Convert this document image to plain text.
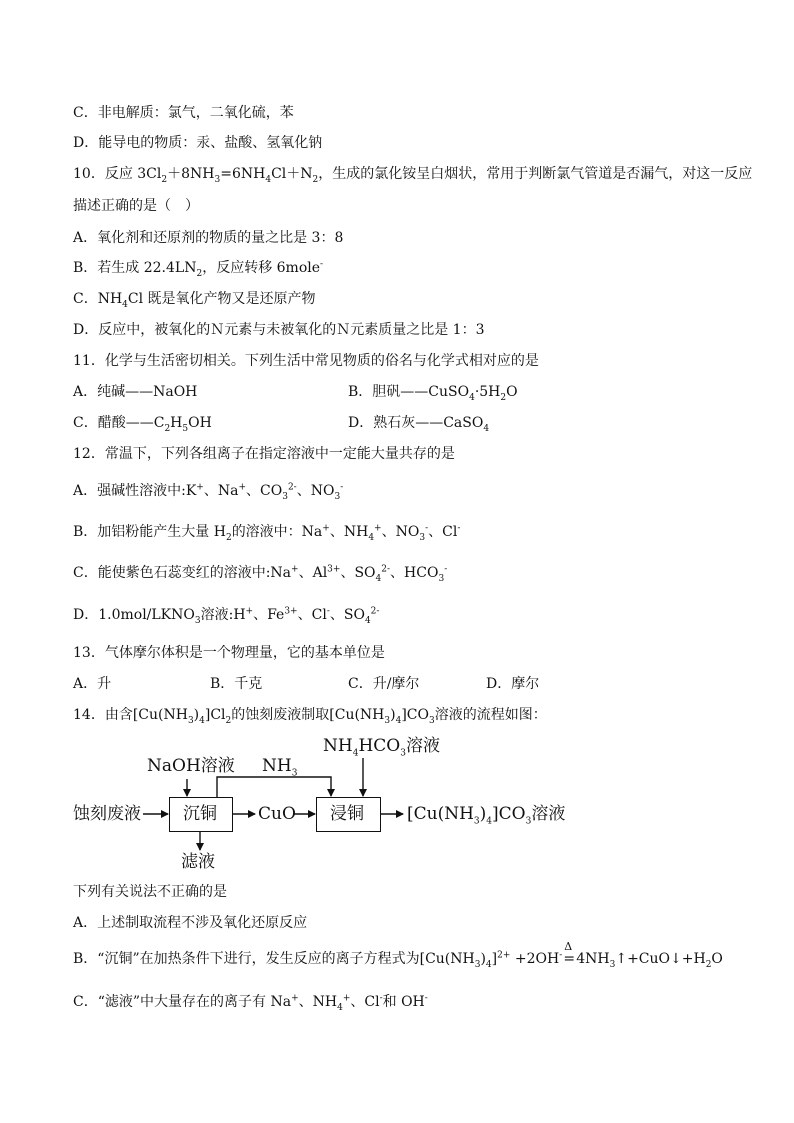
C．非电解质：氯气，二氧化硫，苯
D．能导电的物质：汞、盐酸、氢氧化钠
10．反应 $3Cl_2+8NH_3=6NH_4Cl+N_2$，生成的氯化铵呈白烟状，常用于判断氯气管道是否漏气，对这一反应
描述正确的是（　）
A．氧化剂和还原剂的物质的量之比是 3：8
B．若生成 $22.4LN_2$，反应转移 6mole-
C．$NH_4Cl$ 既是氧化产物又是还原产物
D．反应中，被氧化的Ｎ元素与未被氧化的Ｎ元素质量之比是 1：3
11．化学与生活密切相关。下列生活中常见物质的俗名与化学式相对应的是
A．纯碱——NaOH	B．胆矾$——CuSO_4\cdot 5H_2O$
C．醋酸$——C_2H_5OH$	D．熟石灰——CaSO$_4$
12．常温下，下列各组离子在指定溶液中一定能大量共存的是
A．强碱性溶液中:K+、Na+、$CO_3^{2-}$、$NO_3^-$
B．加铝粉能产生大量 $H_2$的溶液中：Na+、$NH_4^+$、$NO_3^-$、Cl-
C．能使紫色石蕊变红的溶液中:Na+、$Al^{3+}$、$SO_4^{2-}$、$HCO_3^-$
D．$1.0mol/LKNO_3$溶液:H+、$Fe^{3+}$、Cl-、$SO_4^{2-}$
13．气体摩尔体积是一个物理量，它的基本单位是
A．升	B．千克	C．升/摩尔	D．摩尔
14．由含$[Cu(NH_3)_4]Cl_2$的蚀刻废液制取$[Cu(NH_3)_4]CO_3$溶液的流程如图：
蚀刻废液 沉铜 CuO 浸铜	$[Cu(NH_3)_4]CO_3$溶液
NaOH溶液 $NH_3$
$NH_4HCO_3$溶液
滤液
下列有关说法不正确的是
A．上述制取流程不涉及氧化还原反应
B．“沉铜”在加热条件下进行，发生反应的离子方程式为$[Cu(NH_3)_4]^{2+} +2OH^-$
Δ
$=4NH_3↑+CuO↓+H_2O$
C．“滤液”中大量存在的离子有 Na+、$NH_4^+$、Cl-和 OH-
